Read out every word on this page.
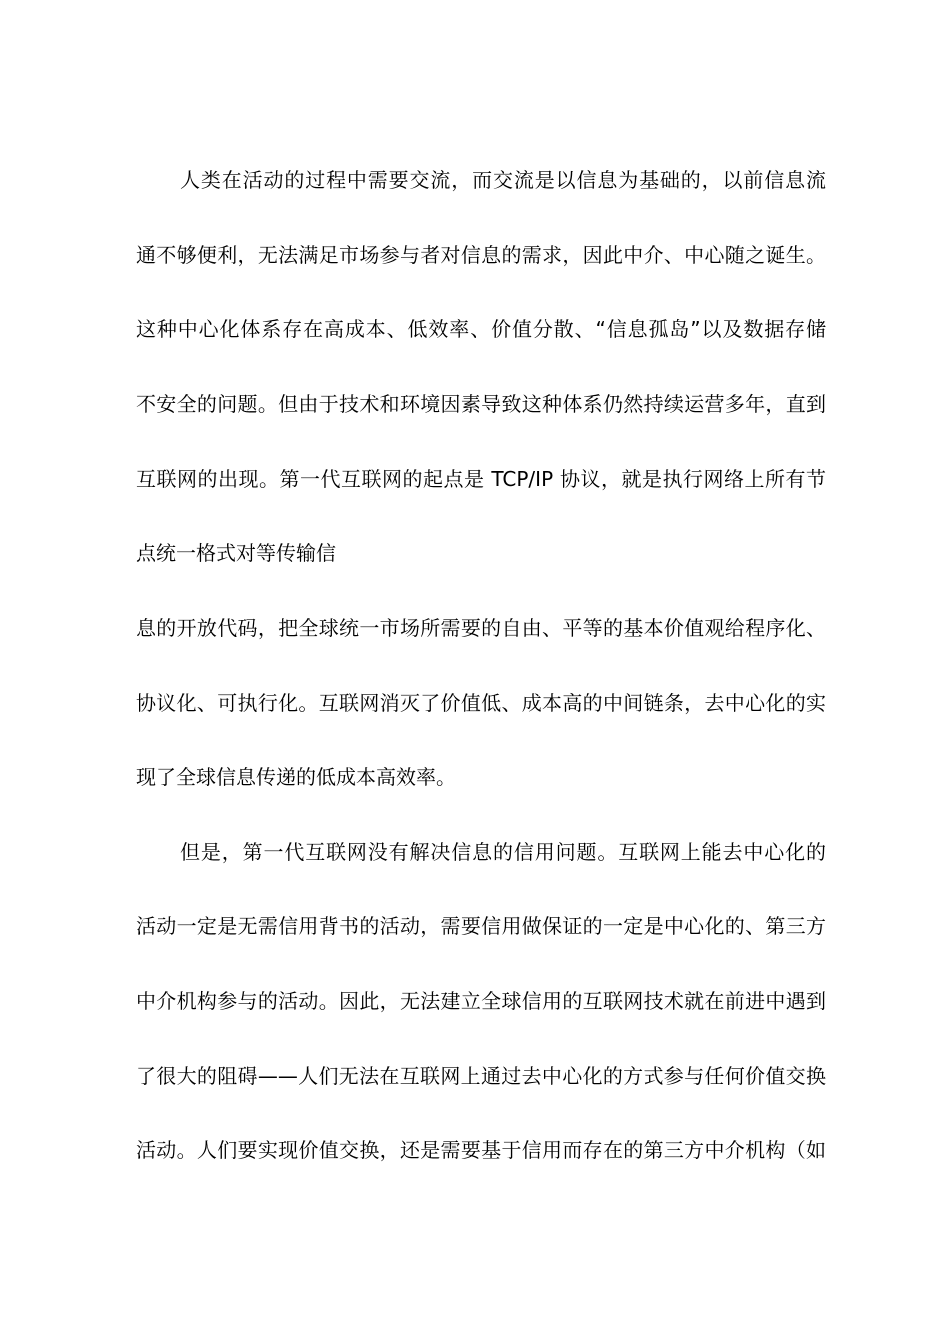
人类在活动的过程中需要交流，而交流是以信息为基础的，以前信息流
通不够便利，无法满足市场参与者对信息的需求，因此中介、中心随之诞生。
这种中心化体系存在高成本、低效率、价值分散、“信息孤岛”以及数据存储
不安全的问题。但由于技术和环境因素导致这种体系仍然持续运营多年，直到
互联网的出现。第一代互联网的起点是 TCP/IP 协议，就是执行网络上所有节
点统一格式对等传输信
息的开放代码，把全球统一市场所需要的自由、平等的基本价值观给程序化、
协议化、可执行化。互联网消灭了价值低、成本高的中间链条，去中心化的实
现了全球信息传递的低成本高效率。
但是，第一代互联网没有解决信息的信用问题。互联网上能去中心化的
活动一定是无需信用背书的活动，需要信用做保证的一定是中心化的、第三方
中介机构参与的活动。因此，无法建立全球信用的互联网技术就在前进中遇到
了很大的阻碍——人们无法在互联网上通过去中心化的方式参与任何价值交换
活动。人们要实现价值交换，还是需要基于信用而存在的第三方中介机构（如
